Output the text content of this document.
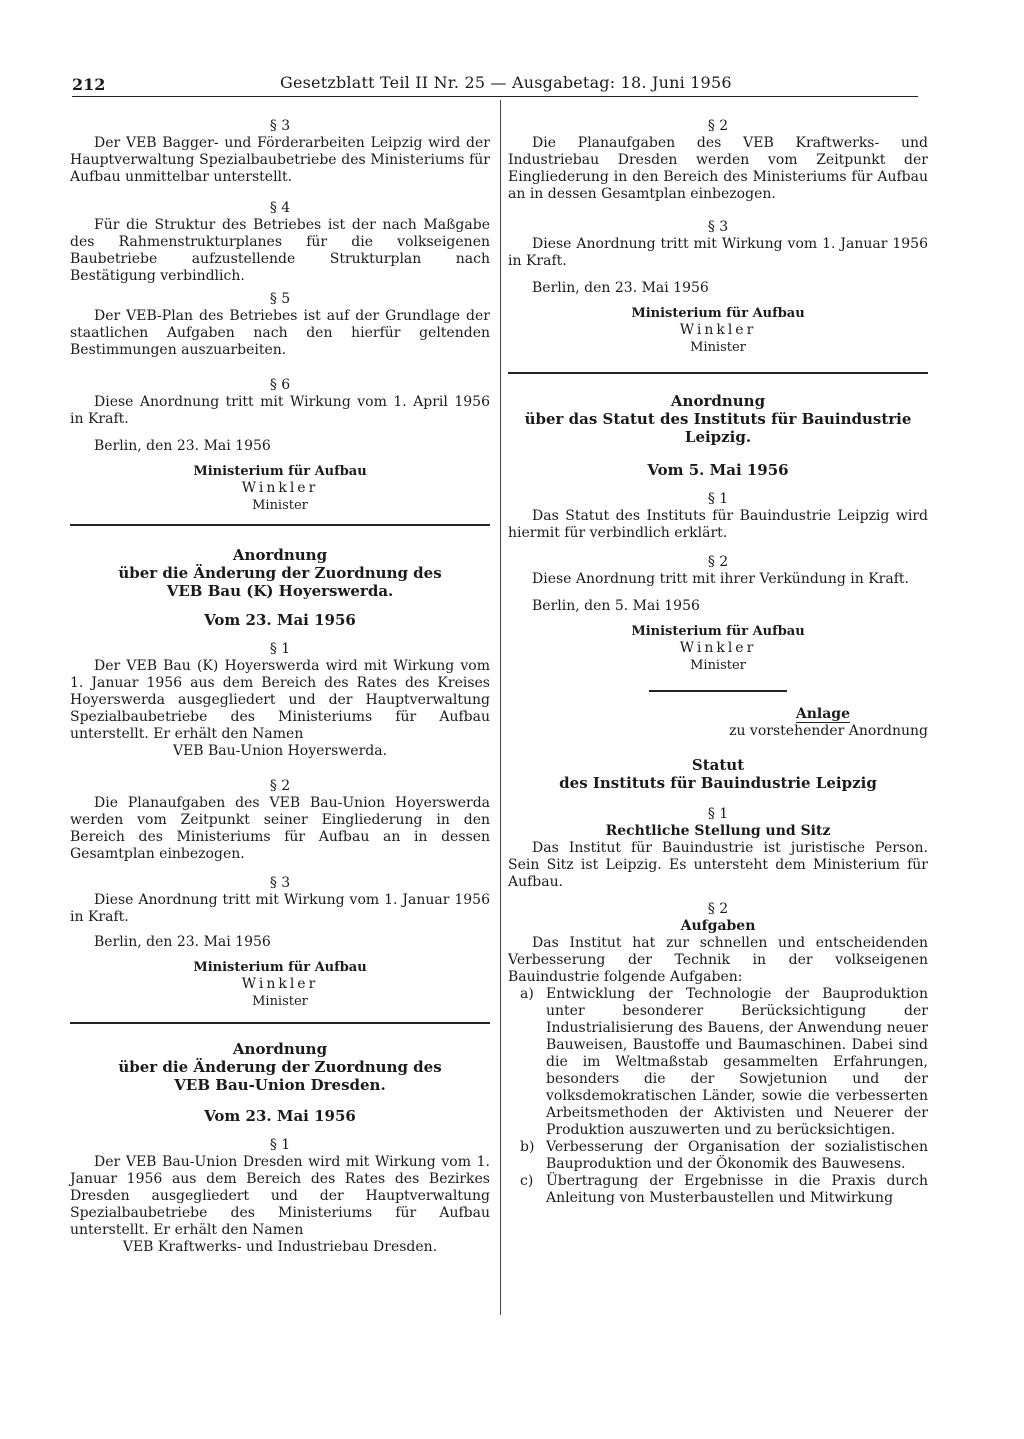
212	Gesetzblatt Teil II Nr. 25 — Ausgabetag: 18. Juni 1956

§ 3

Der VEB Bagger- und Förderarbeiten Leipzig wird der Hauptverwaltung Spezialbaubetriebe des Ministeriums für Aufbau unmittelbar unterstellt.

§ 4

Für die Struktur des Betriebes ist der nach Maßgabe des Rahmenstrukturplanes für die volkseigenen Baubetriebe aufzustellende Strukturplan nach Bestätigung verbindlich.

§ 5

Der VEB-Plan des Betriebes ist auf der Grundlage der staatlichen Aufgaben nach den hierfür geltenden Bestimmungen auszuarbeiten.

§ 6

Diese Anordnung tritt mit Wirkung vom 1. April 1956 in Kraft.

Berlin, den 23. Mai 1956

Ministerium für Aufbau

Winkler

Minister

Anordnung

über die Änderung der Zuordnung des

VEB Bau (K) Hoyerswerda.

Vom 23. Mai 1956

§ 1

Der VEB Bau (K) Hoyerswerda wird mit Wirkung vom 1. Januar 1956 aus dem Bereich des Rates des Kreises Hoyerswerda ausgegliedert und der Hauptverwaltung Spezialbaubetriebe des Ministeriums für Aufbau unterstellt. Er erhält den Namen

VEB Bau-Union Hoyerswerda.

§ 2

Die Planaufgaben des VEB Bau-Union Hoyerswerda werden vom Zeitpunkt seiner Eingliederung in den Bereich des Ministeriums für Aufbau an in dessen Gesamtplan einbezogen.

§ 3

Diese Anordnung tritt mit Wirkung vom 1. Januar 1956 in Kraft.

Berlin, den 23. Mai 1956

Ministerium für Aufbau

Winkler

Minister

Anordnung

über die Änderung der Zuordnung des

VEB Bau-Union Dresden.

Vom 23. Mai 1956

§ 1

Der VEB Bau-Union Dresden wird mit Wirkung vom 1. Januar 1956 aus dem Bereich des Rates des Bezirkes Dresden ausgegliedert und der Hauptverwaltung Spezialbaubetriebe des Ministeriums für Aufbau unterstellt. Er erhält den Namen

VEB Kraftwerks- und Industriebau Dresden.

§ 2

Die Planaufgaben des VEB Kraftwerks- und Industriebau Dresden werden vom Zeitpunkt der Eingliederung in den Bereich des Ministeriums für Aufbau an in dessen Gesamtplan einbezogen.

§ 3

Diese Anordnung tritt mit Wirkung vom 1. Januar 1956 in Kraft.

Berlin, den 23. Mai 1956

Ministerium für Aufbau

Winkler

Minister

Anordnung

über das Statut des Instituts für Bauindustrie

Leipzig.

Vom 5. Mai 1956

§ 1

Das Statut des Instituts für Bauindustrie Leipzig wird hiermit für verbindlich erklärt.

§ 2

Diese Anordnung tritt mit ihrer Verkündung in Kraft.

Berlin, den 5. Mai 1956

Ministerium für Aufbau

Winkler

Minister

Anlage

zu vorstehender Anordnung

Statut

des Instituts für Bauindustrie Leipzig

§ 1

Rechtliche Stellung und Sitz

Das Institut für Bauindustrie ist juristische Person. Sein Sitz ist Leipzig. Es untersteht dem Ministerium für Aufbau.

§ 2

Aufgaben

Das Institut hat zur schnellen und entscheidenden Verbesserung der Technik in der volkseigenen Bauindustrie folgende Aufgaben:

a) Entwicklung der Technologie der Bauproduktion unter besonderer Berücksichtigung der Industrialisierung des Bauens, der Anwendung neuer Bauweisen, Baustoffe und Baumaschinen. Dabei sind die im Weltmaßstab gesammelten Erfahrungen, besonders die der Sowjetunion und der volksdemokratischen Länder, sowie die verbesserten Arbeitsmethoden der Aktivisten und Neuerer der Produktion auszuwerten und zu berücksichtigen.
b) Verbesserung der Organisation der sozialistischen Bauproduktion und der Ökonomik des Bauwesens.
c) Übertragung der Ergebnisse in die Praxis durch Anleitung von Musterbaustellen und Mitwirkung
